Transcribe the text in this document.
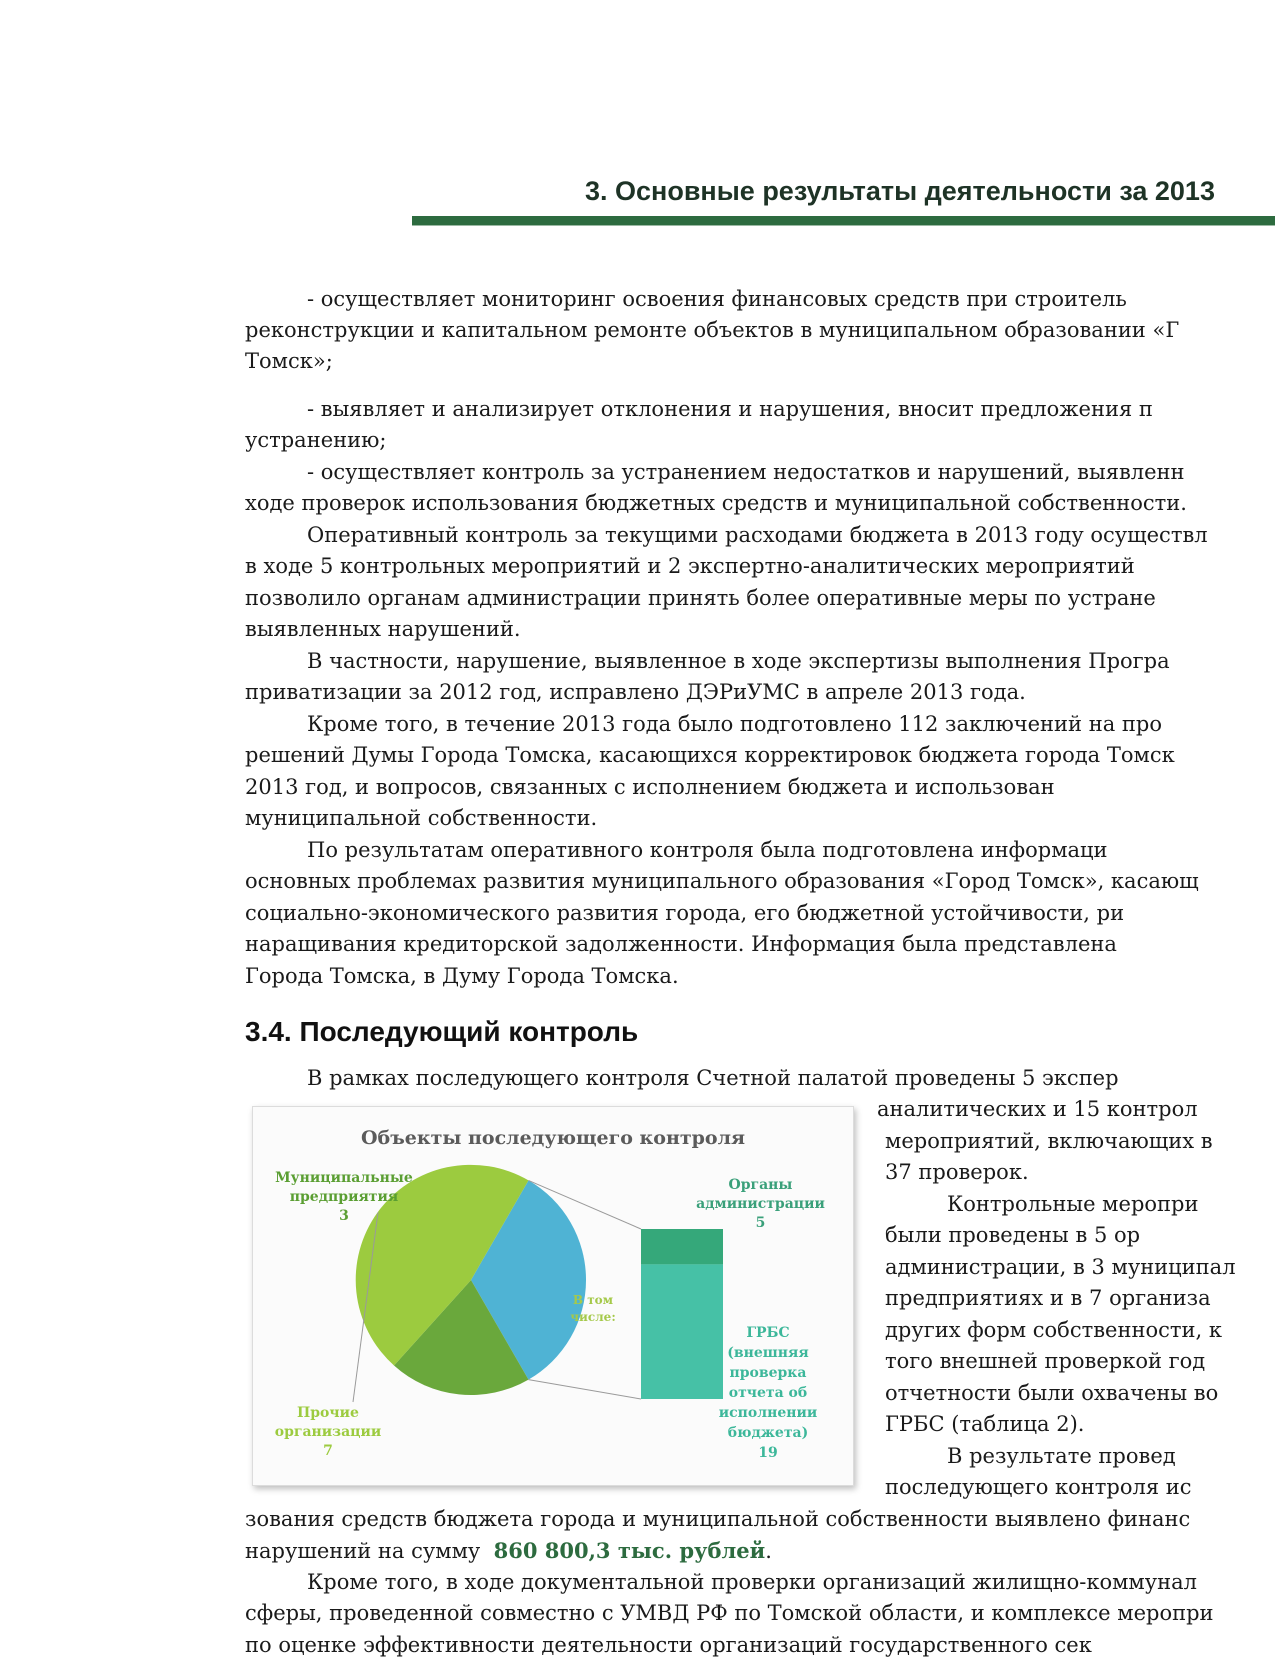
3. Основные результаты деятельности за 2013
- осуществляет мониторинг освоения финансовых средств при строитель
реконструкции и капитальном ремонте объектов в муниципальном образовании «Г
Томск»;
- выявляет и анализирует отклонения и нарушения, вносит предложения п
устранению;
- осуществляет контроль за устранением недостатков и нарушений, выявленн
ходе проверок использования бюджетных средств и муниципальной собственности.
Оперативный контроль за текущими расходами бюджета в 2013 году осуществл
в ходе 5 контрольных мероприятий и 2 экспертно-аналитических мероприятий
позволило органам администрации принять более оперативные меры по устране
выявленных нарушений.
В частности, нарушение, выявленное в ходе экспертизы выполнения Програ
приватизации за 2012 год, исправлено ДЭРиУМС в апреле 2013 года.
Кроме того, в течение 2013 года было подготовлено 112 заключений на про
решений Думы Города Томска, касающихся корректировок бюджета города Томск
2013 год, и вопросов, связанных с исполнением бюджета и использован
муниципальной собственности.
По результатам оперативного контроля была подготовлена информаци
основных проблемах развития муниципального образования «Город Томск», касающ
социально-экономического развития города, его бюджетной устойчивости, ри
наращивания кредиторской задолженности. Информация была представлена
Города Томска, в Думу Города Томска.
3.4. Последующий контроль
В рамках последующего контроля Счетной палатой проведены 5 экспер
аналитических и 15 контрол
мероприятий, включающих в
37 проверок.
Контрольные меропри
были проведены в 5 ор
администрации, в 3 муниципал
предприятиях и в 7 организа
других форм собственности, к
того внешней проверкой год
отчетности были охвачены во
ГРБС (таблица 2).
В результате провед
последующего контроля ис
зования средств бюджета города и муниципальной собственности выявлено финанс
нарушений на сумму 860 800,3 тыс. рублей.
Кроме того, в ходе документальной проверки организаций жилищно-коммунал
сферы, проведенной совместно с УМВД РФ по Томской области, и комплексе меропри
по оценке эффективности деятельности организаций государственного сек
Объекты последующего контроля
Муниципальные
предприятия
3
Органы
администрации
5
В том
числе:
ГРБС
(внешняя
проверка
отчета об
исполнении
бюджета)
19
Прочие
организации
7
